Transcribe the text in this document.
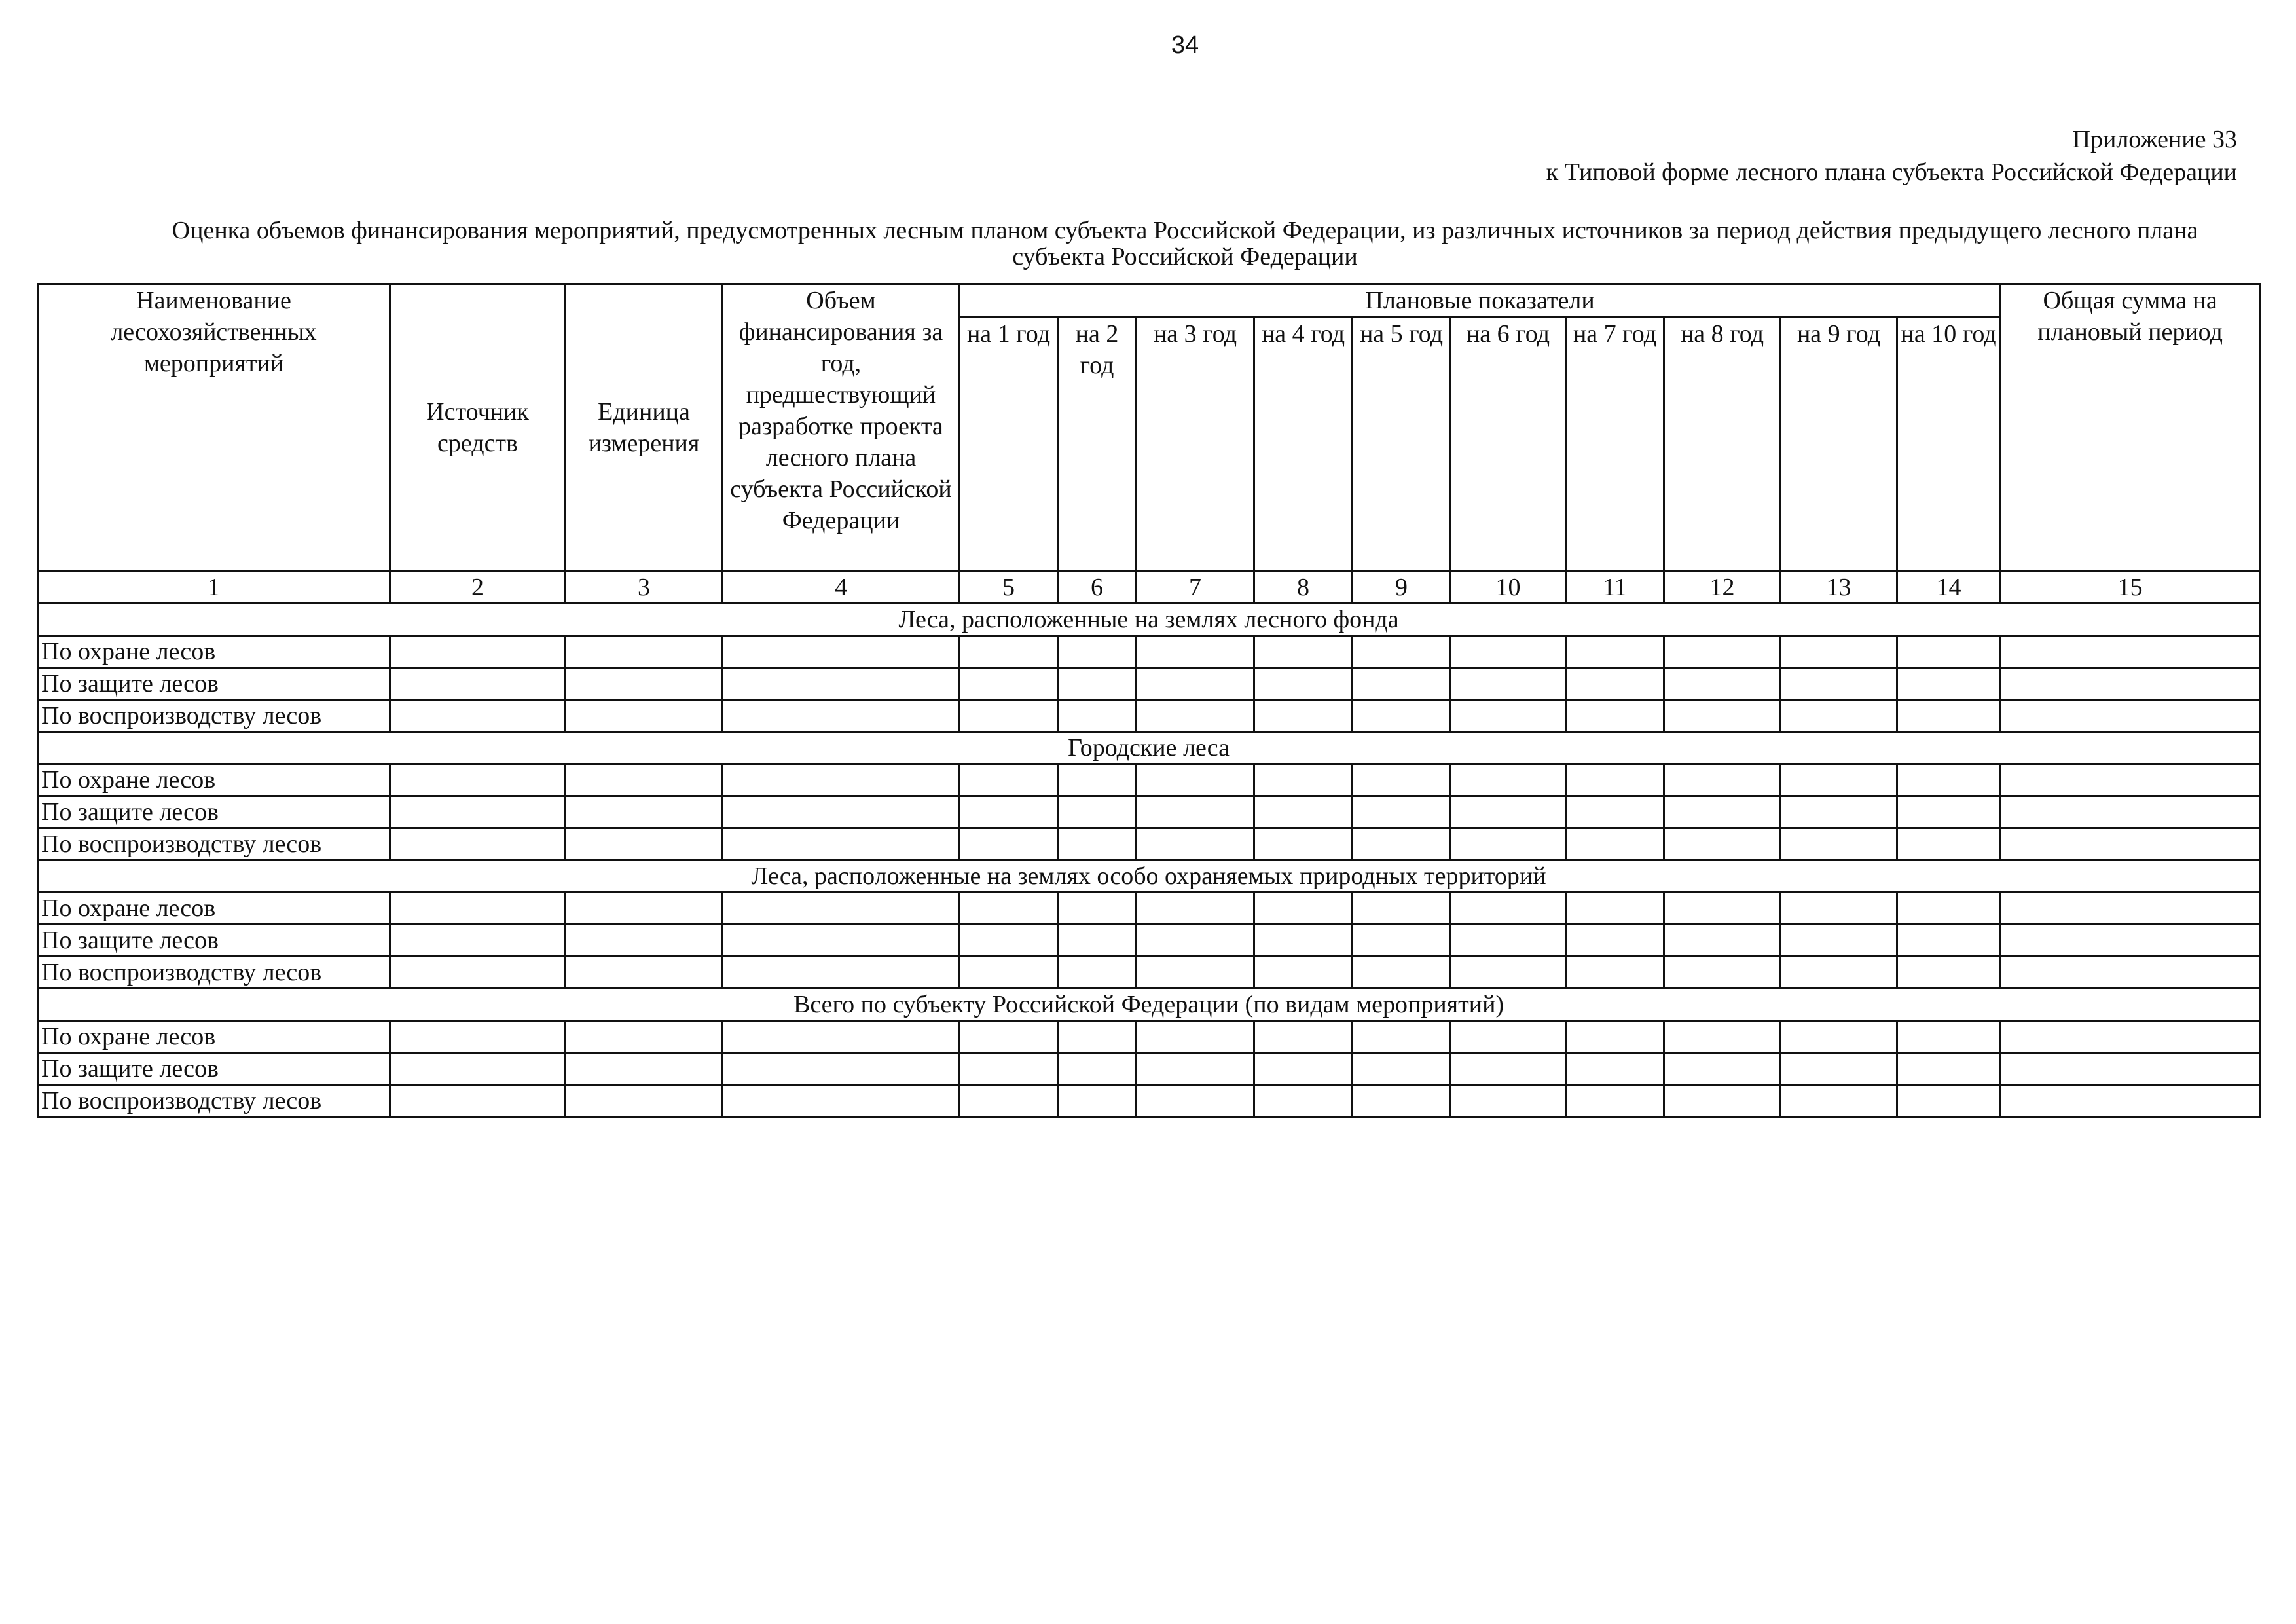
34
Приложение 33
к Типовой форме лесного плана субъекта Российской Федерации
Оценка объемов финансирования мероприятий, предусмотренных лесным планом субъекта Российской Федерации, из различных источников за период действия предыдущего лесного плана субъекта Российской Федерации
Наименование лесохозяйственных мероприятий	Источник средств	Единица измерения	Объем финансирования за год, предшествующий разработке проекта лесного плана субъекта Российской Федерации	Плановые показатели										Общая сумма на плановый период
				на 1 год	на 2 год	на 3 год	на 4 год	на 5 год	на 6 год	на 7 год	на 8 год	на 9 год	на 10 год	
1	2	3	4	5	6	7	8	9	10	11	12	13	14	15
Леса, расположенные на землях лесного фонда														
По охране лесов														
По защите лесов														
По воспроизводству лесов														
Городские леса														
По охране лесов														
По защите лесов														
По воспроизводству лесов														
Леса, расположенные на землях особо охраняемых природных территорий														
По охране лесов														
По защите лесов														
По воспроизводству лесов														
Всего по субъекту Российской Федерации (по видам мероприятий)														
По охране лесов														
По защите лесов														
По воспроизводству лесов														
